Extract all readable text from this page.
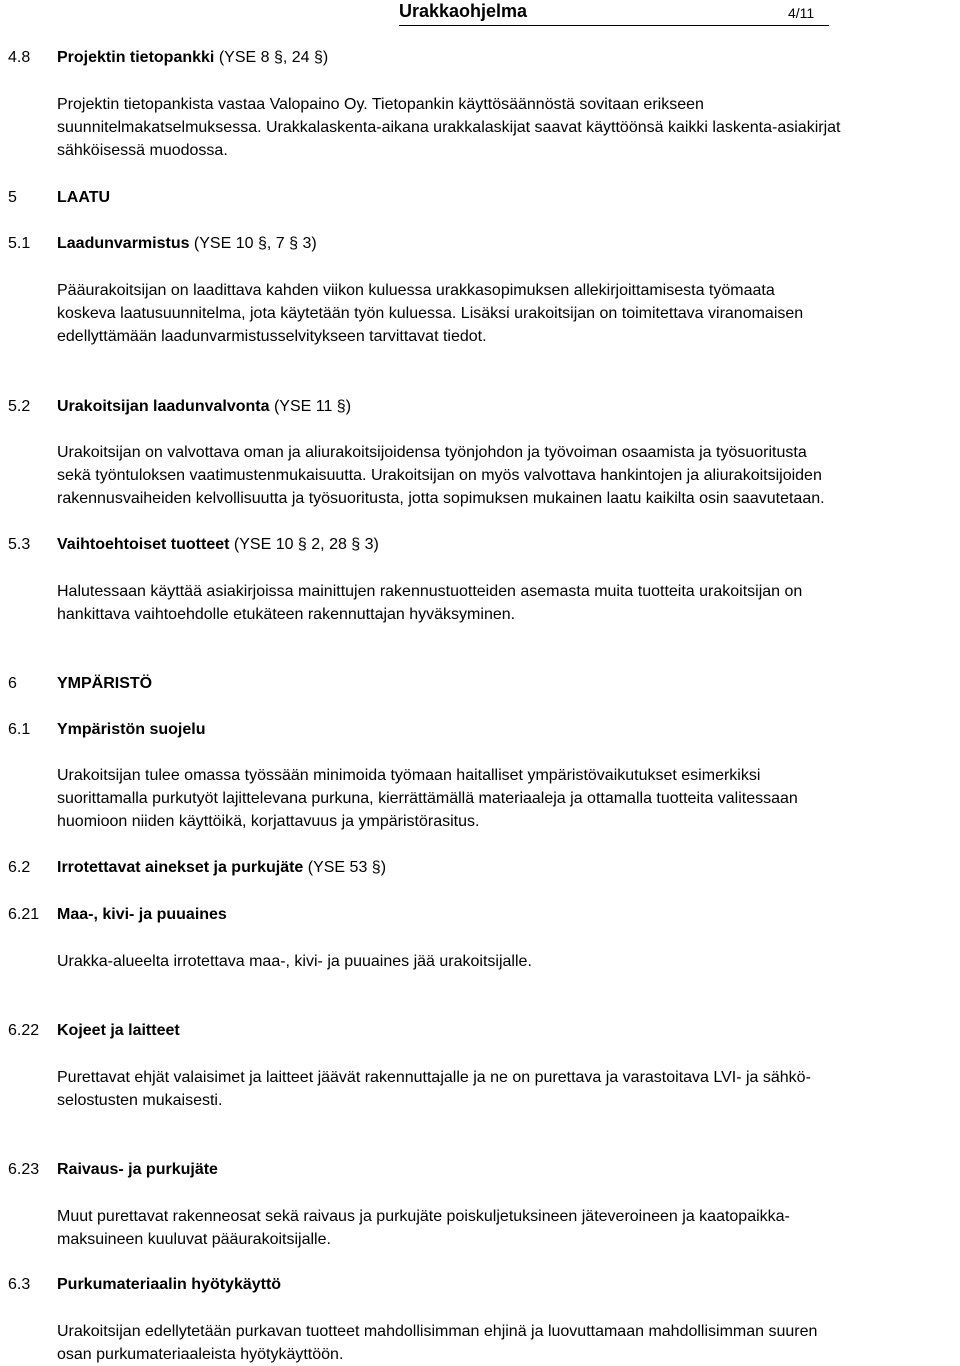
Urakkaohjelma	4/11
4.8 Projektin tietopankki (YSE 8 §, 24 §)
Projektin tietopankista vastaa Valopaino Oy. Tietopankin käyttösäännöstä sovitaan erikseen
suunnitelmakatselmuksessa. Urakkalaskenta-aikana urakkalaskijat saavat käyttöönsä kaikki laskenta-asiakirjat
sähköisessä muodossa.
5	LAATU
5.1 Laadunvarmistus (YSE 10 §, 7 § 3)
Pääurakoitsijan on laadittava kahden viikon kuluessa urakkasopimuksen allekirjoittamisesta työmaata
koskeva laatusuunnitelma, jota käytetään työn kuluessa. Lisäksi urakoitsijan on toimitettava viranomaisen
edellyttämään laadunvarmistusselvitykseen tarvittavat tiedot.
5.2 Urakoitsijan laadunvalvonta (YSE 11 §)
Urakoitsijan on valvottava oman ja aliurakoitsijoidensa työnjohdon ja työvoiman osaamista ja työsuoritusta
sekä työntuloksen vaatimustenmukaisuutta. Urakoitsijan on myös valvottava hankintojen ja aliurakoitsijoiden
rakennusvaiheiden kelvollisuutta ja työsuoritusta, jotta sopimuksen mukainen laatu kaikilta osin saavutetaan.
5.3 Vaihtoehtoiset tuotteet (YSE 10 § 2, 28 § 3)
Halutessaan käyttää asiakirjoissa mainittujen rakennustuotteiden asemasta muita tuotteita urakoitsijan on
hankittava vaihtoehdolle etukäteen rakennuttajan hyväksyminen.
6	YMPÄRISTÖ
6.1 Ympäristön suojelu
Urakoitsijan tulee omassa työssään minimoida työmaan haitalliset ympäristövaikutukset esimerkiksi
suorittamalla purkutyöt lajittelevana purkuna, kierrättämällä materiaaleja ja ottamalla tuotteita valitessaan
huomioon niiden käyttöikä, korjattavuus ja ympäristörasitus.
6.2 Irrotettavat ainekset ja purkujäte (YSE 53 §)
6.21 Maa-, kivi- ja puuaines
Urakka-alueelta irrotettava maa-, kivi- ja puuaines jää urakoitsijalle.
6.22 Kojeet ja laitteet
Purettavat ehjät valaisimet ja laitteet jäävät rakennuttajalle ja ne on purettava ja varastoitava LVI- ja sähkö-
selostusten mukaisesti.
6.23 Raivaus- ja purkujäte
Muut purettavat rakenneosat sekä raivaus ja purkujäte poiskuljetuksineen jäteveroineen ja kaatopaikka-
maksuineen kuuluvat pääurakoitsijalle.
6.3 Purkumateriaalin hyötykäyttö
Urakoitsijan edellytetään purkavan tuotteet mahdollisimman ehjinä ja luovuttamaan mahdollisimman suuren
osan purkumateriaaleista hyötykäyttöön.
